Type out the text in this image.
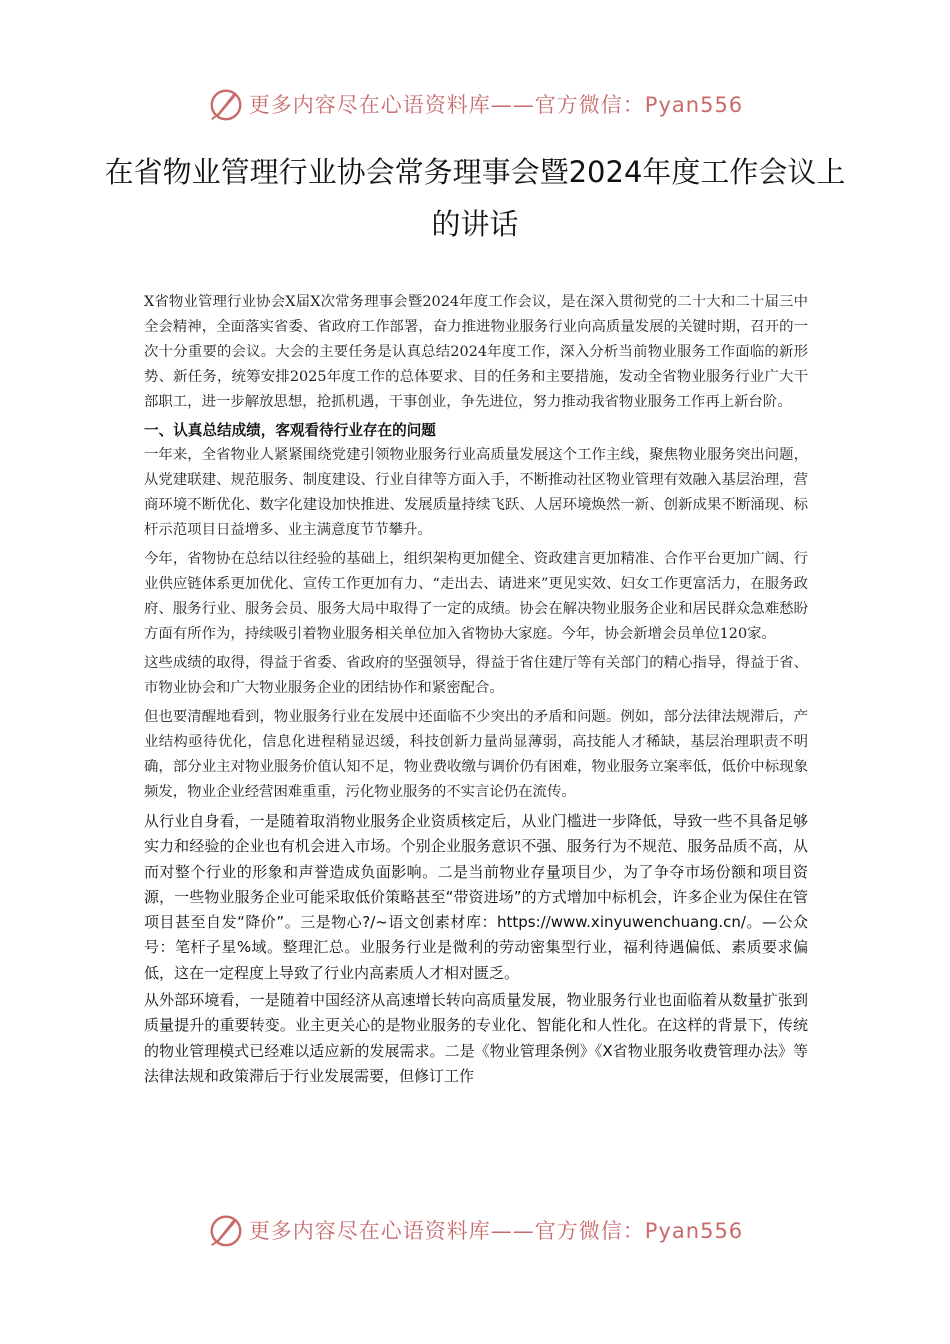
更多内容尽在心语资料库——官方微信：Pyan556
在省物业管理行业协会常务理事会暨2024年度工作会议上的讲话

X省物业管理行业协会X届X次常务理事会暨2024年度工作会议，是在深入贯彻党的二十大和二十届三中全会精神，全面落实省委、省政府工作部署，奋力推进物业服务行业向高质量发展的关键时期，召开的一次十分重要的会议。大会的主要任务是认真总结2024年度工作，深入分析当前物业服务工作面临的新形势、新任务，统筹安排2025年度工作的总体要求、目的任务和主要措施，发动全省物业服务行业广大干部职工，进一步解放思想，抢抓机遇，干事创业，争先进位，努力推动我省物业服务工作再上新台阶。

一、认真总结成绩，客观看待行业存在的问题

一年来，全省物业人紧紧围绕党建引领物业服务行业高质量发展这个工作主线，聚焦物业服务突出问题，从党建联建、规范服务、制度建设、行业自律等方面入手，不断推动社区物业管理有效融入基层治理，营商环境不断优化、数字化建设加快推进、发展质量持续飞跃、人居环境焕然一新、创新成果不断涌现、标杆示范项目日益增多、业主满意度节节攀升。

今年，省物协在总结以往经验的基础上，组织架构更加健全、资政建言更加精准、合作平台更加广阔、行业供应链体系更加优化、宣传工作更加有力、“走出去、请进来”更见实效、妇女工作更富活力，在服务政府、服务行业、服务会员、服务大局中取得了一定的成绩。协会在解决物业服务企业和居民群众急难愁盼方面有所作为，持续吸引着物业服务相关单位加入省物协大家庭。今年，协会新增会员单位120家。

这些成绩的取得，得益于省委、省政府的坚强领导，得益于省住建厅等有关部门的精心指导，得益于省、市物业协会和广大物业服务企业的团结协作和紧密配合。

但也要清醒地看到，物业服务行业在发展中还面临不少突出的矛盾和问题。例如，部分法律法规滞后，产业结构亟待优化，信息化进程稍显迟缓，科技创新力量尚显薄弱，高技能人才稀缺，基层治理职责不明确，部分业主对物业服务价值认知不足，物业费收缴与调价仍有困难，物业服务立案率低，低价中标现象频发，物业企业经营困难重重，污化物业服务的不实言论仍在流传。

从行业自身看，一是随着取消物业服务企业资质核定后，从业门槛进一步降低，导致一些不具备足够实力和经验的企业也有机会进入市场。个别企业服务意识不强、服务行为不规范、服务品质不高，从而对整个行业的形象和声誉造成负面影响。二是当前物业存量项目少，为了争夺市场份额和项目资源，一些物业服务企业可能采取低价策略甚至“带资进场”的方式增加中标机会，许多企业为保住在管项目甚至自发“降价”。三是物心?/~语文创素材库：https://www.xinyuwenchuang.cn/。—公众号：笔杆子星%域。整理汇总。业服务行业是微利的劳动密集型行业，福利待遇偏低、素质要求偏低，这在一定程度上导致了行业内高素质人才相对匮乏。

从外部环境看，一是随着中国经济从高速增长转向高质量发展，物业服务行业也面临着从数量扩张到质量提升的重要转变。业主更关心的是物业服务的专业化、智能化和人性化。在这样的背景下，传统的物业管理模式已经难以适应新的发展需求。二是《物业管理条例》《X省物业服务收费管理办法》等法律法规和政策滞后于行业发展需要，但修订工作

更多内容尽在心语资料库——官方微信：Pyan556
